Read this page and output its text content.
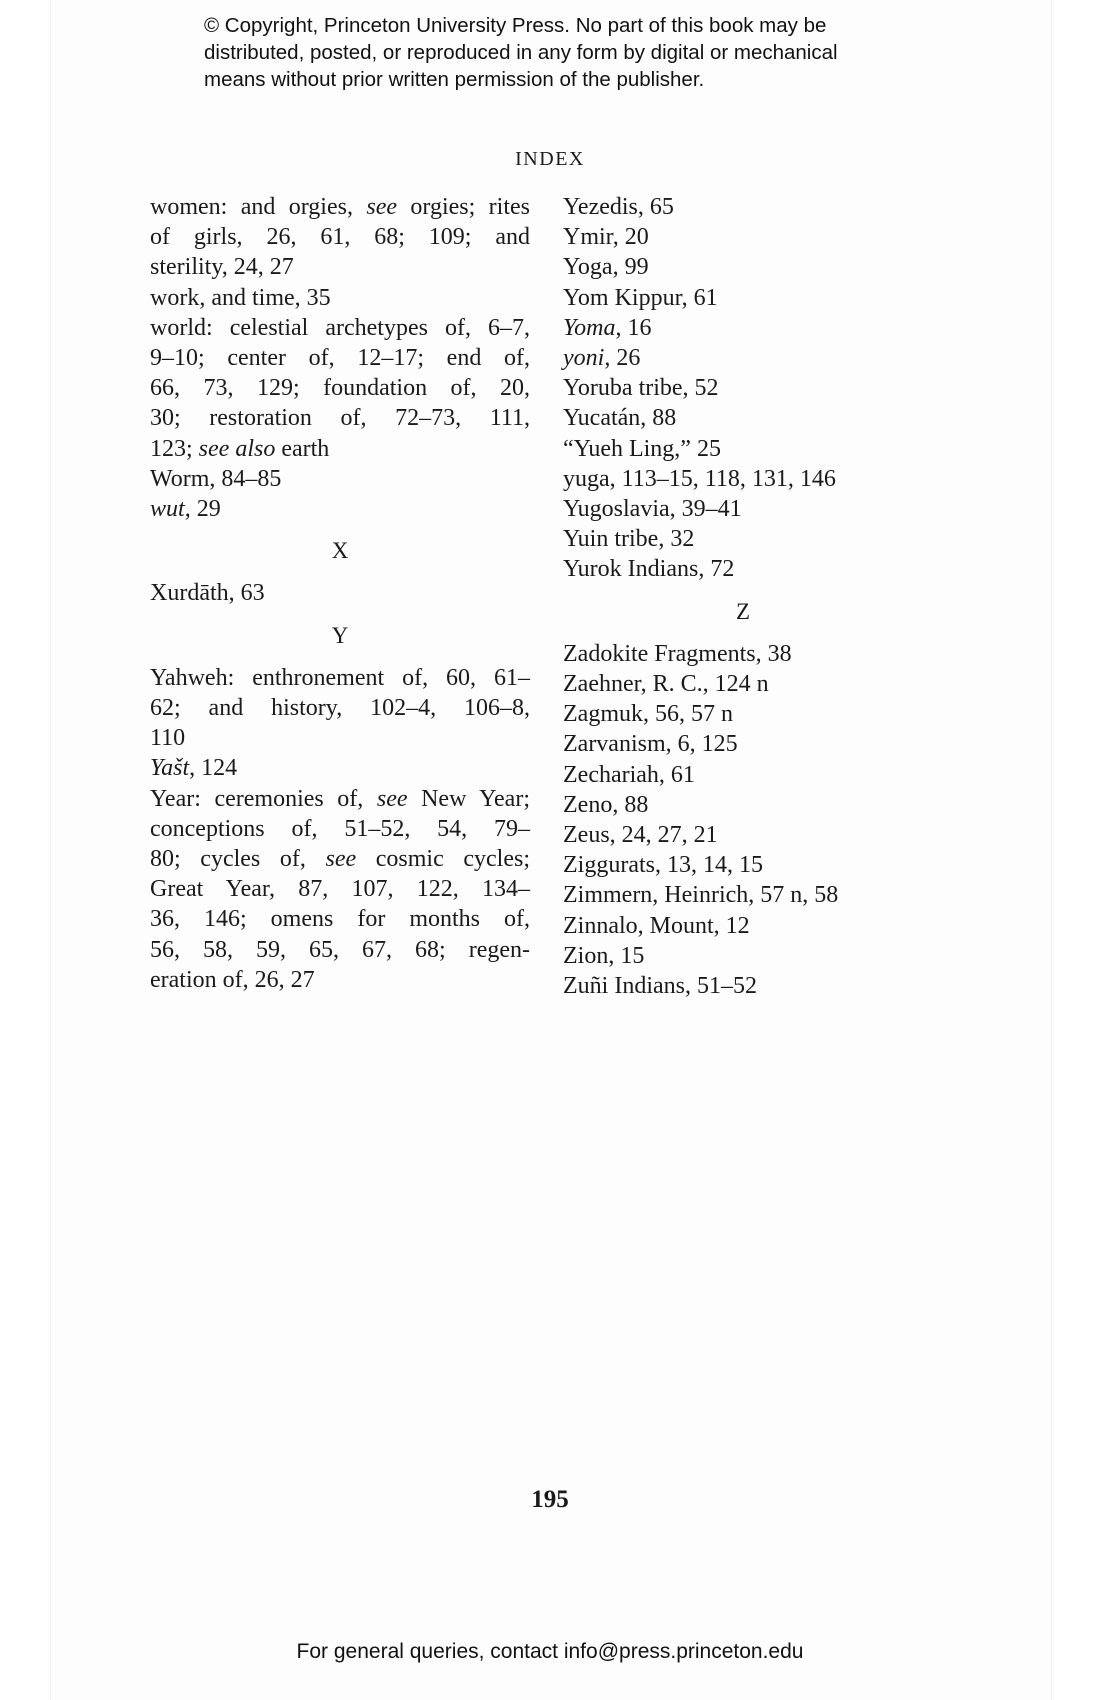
© Copyright, Princeton University Press. No part of this book may be
distributed, posted, or reproduced in any form by digital or mechanical
means without prior written permission of the publisher.
INDEX
women: and orgies, see orgies; rites
of girls, 26, 61, 68; 109; and
sterility, 24, 27
work, and time, 35
world: celestial archetypes of, 6–7,
9–10; center of, 12–17; end of,
66, 73, 129; foundation of, 20,
30; restoration of, 72–73, 111,
123; see also earth
Worm, 84–85
wut, 29
X
Xurdāth, 63
Y
Yahweh: enthronement of, 60, 61–
62; and history, 102–4, 106–8,
110
Yašt, 124
Year: ceremonies of, see New Year;
conceptions of, 51–52, 54, 79–
80; cycles of, see cosmic cycles;
Great Year, 87, 107, 122, 134–
36, 146; omens for months of,
56, 58, 59, 65, 67, 68; regen-
eration of, 26, 27
Yezedis, 65
Ymir, 20
Yoga, 99
Yom Kippur, 61
Yoma, 16
yoni, 26
Yoruba tribe, 52
Yucatán, 88
“Yueh Ling,” 25
yuga, 113–15, 118, 131, 146
Yugoslavia, 39–41
Yuin tribe, 32
Yurok Indians, 72
Z
Zadokite Fragments, 38
Zaehner, R. C., 124 n
Zagmuk, 56, 57 n
Zarvanism, 6, 125
Zechariah, 61
Zeno, 88
Zeus, 24, 27, 21
Ziggurats, 13, 14, 15
Zimmern, Heinrich, 57 n, 58
Zinnalo, Mount, 12
Zion, 15
Zuñi Indians, 51–52
195
For general queries, contact info@press.princeton.edu
